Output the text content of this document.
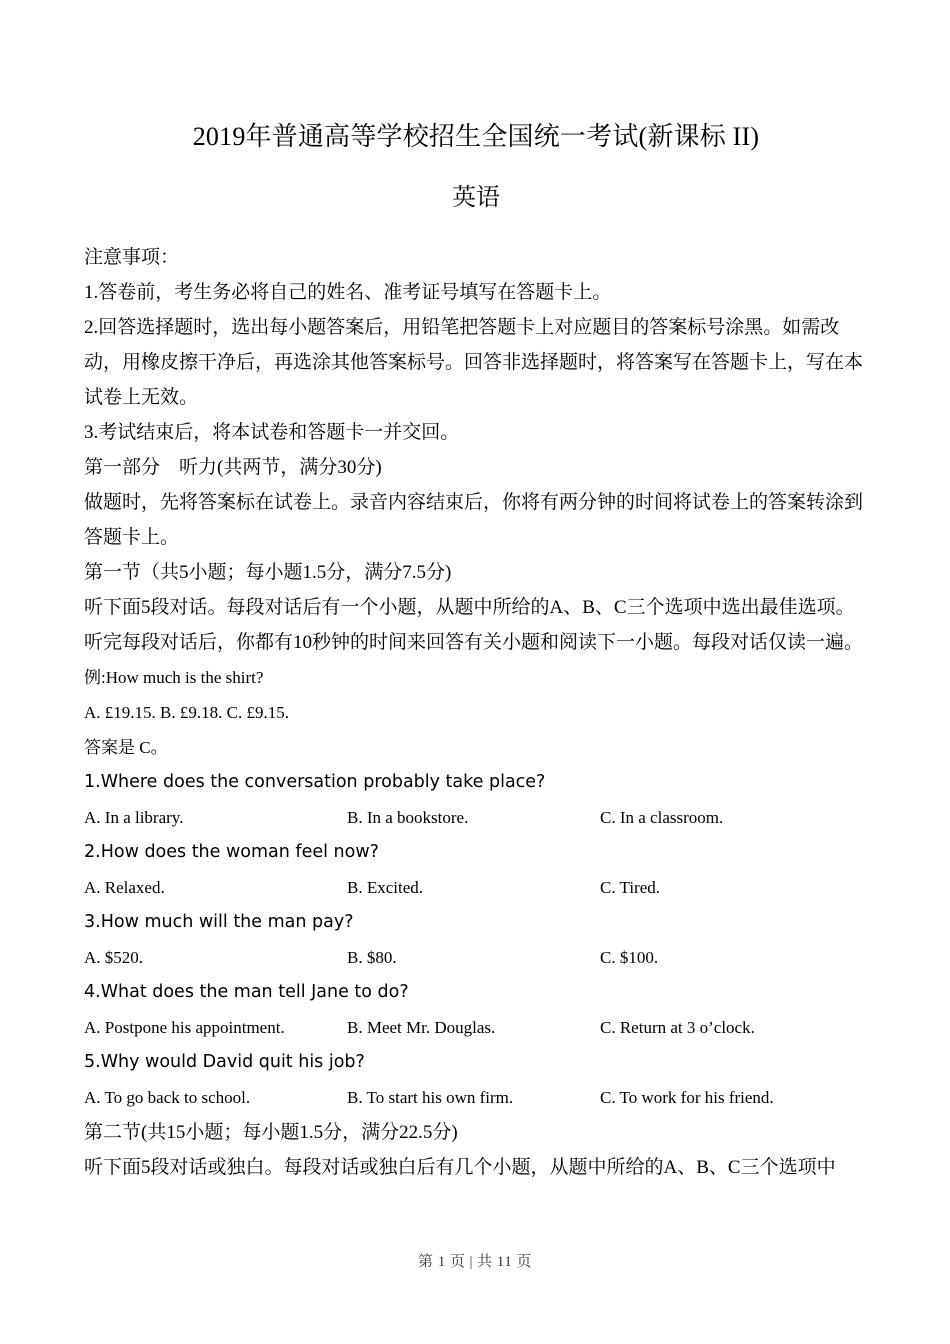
2019年普通高等学校招生全国统一考试(新课标 II)
英语

注意事项：

1.答卷前，考生务必将自己的姓名、准考证号填写在答题卡上。

2.回答选择题时，选出每小题答案后，用铅笔把答题卡上对应题目的答案标号涂黑。如需改动，用橡皮擦干净后，再选涂其他答案标号。回答非选择题时，将答案写在答题卡上，写在本试卷上无效。

3.考试结束后，将本试卷和答题卡一并交回。

第一部分　听力(共两节，满分30分)

做题时，先将答案标在试卷上。录音内容结束后，你将有两分钟的时间将试卷上的答案转涂到答题卡上。

第一节（共5小题；每小题1.5分，满分7.5分)

听下面5段对话。每段对话后有一个小题，从题中所给的A、B、C三个选项中选出最佳选项。

听完每段对话后，你都有10秒钟的时间来回答有关小题和阅读下一小题。每段对话仅读一遍。

例:How much is the shirt?

A. £19.15. B. £9.18. C. £9.15.

答案是 C。

1.Where does the conversation probably take place?

A. In a library.	B. In a bookstore.	C. In a classroom.

2.How does the woman feel now?

A. Relaxed.	B. Excited.	C. Tired.

3.How much will the man pay?

A. $520.	B. $80.	C. $100.

4.What does the man tell Jane to do?

A. Postpone his appointment.	B. Meet Mr. Douglas.	C. Return at 3 o’clock.

5.Why would David quit his job?

A. To go back to school.	B. To start his own firm.	C. To work for his friend.

第二节(共15小题；每小题1.5分，满分22.5分)

听下面5段对话或独白。每段对话或独白后有几个小题，从题中所给的A、B、C三个选项中

第 1 页 | 共 11 页
